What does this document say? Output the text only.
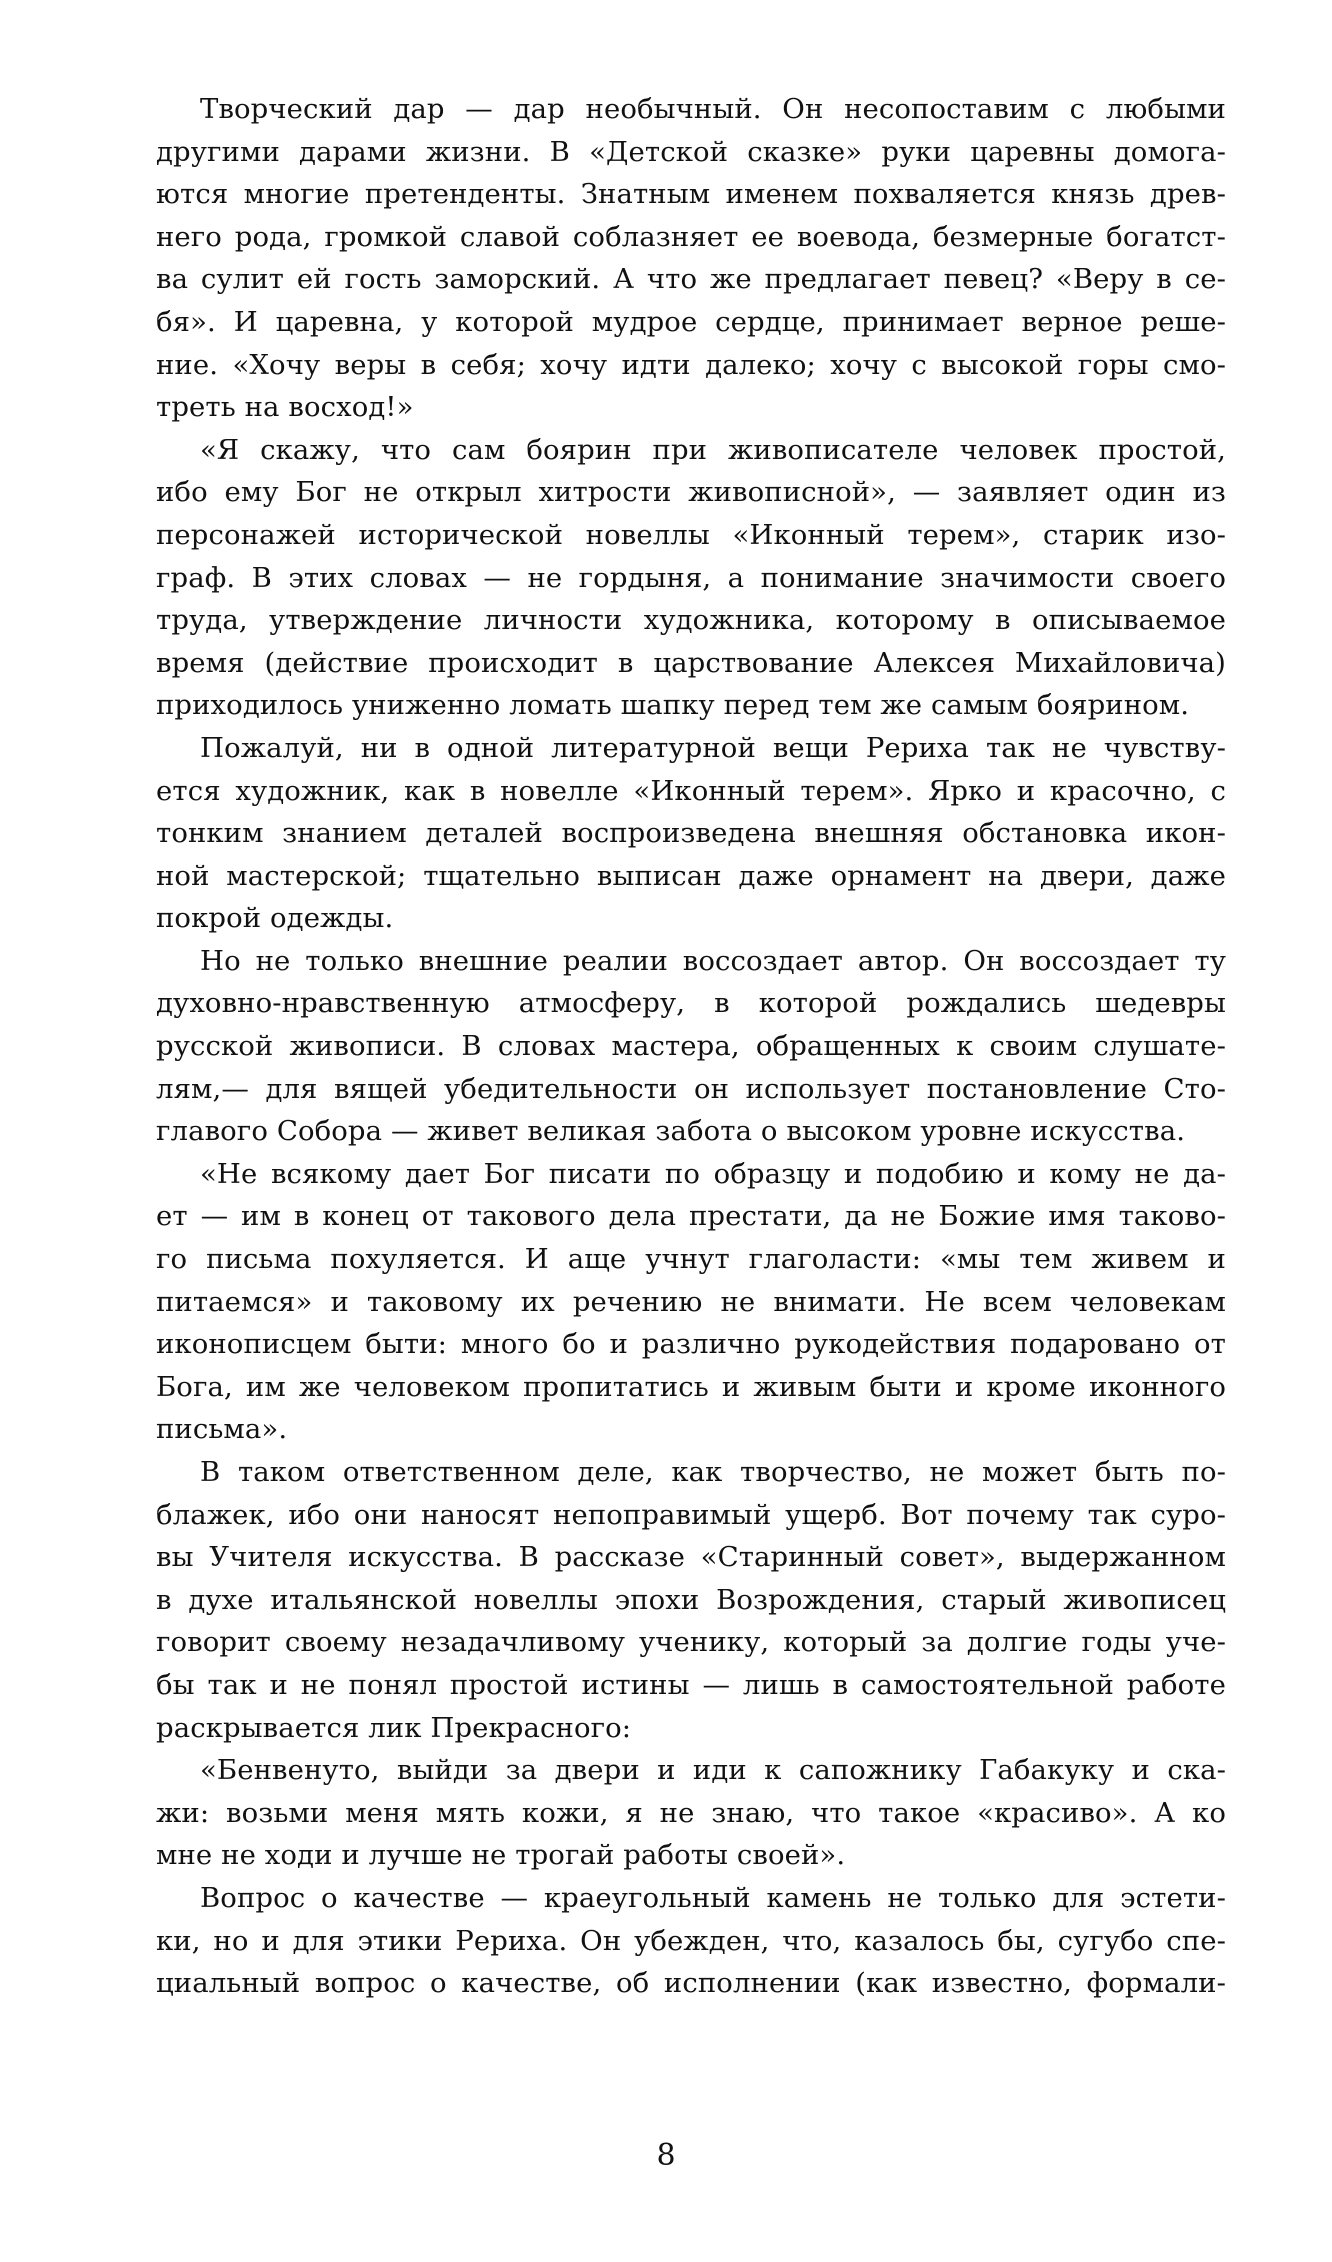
Творческий дар — дар необычный. Он несопоставим с любыми
другими дарами жизни. В «Детской сказке» руки царевны домога-
ются многие претенденты. Знатным именем похваляется князь древ-
него рода, громкой славой соблазняет ее воевода, безмерные богатст-
ва сулит ей гость заморский. А что же предлагает певец? «Веру в се-
бя». И царевна, у которой мудрое сердце, принимает верное реше-
ние. «Хочу веры в себя; хочу идти далеко; хочу с высокой горы смо-
треть на восход!»
«Я скажу, что сам боярин при живописателе человек простой,
ибо ему Бог не открыл хитрости живописной», — заявляет один из
персонажей исторической новеллы «Иконный терем», старик изо-
граф. В этих словах — не гордыня, а понимание значимости своего
труда, утверждение личности художника, которому в описываемое
время (действие происходит в царствование Алексея Михайловича)
приходилось униженно ломать шапку перед тем же самым боярином.
Пожалуй, ни в одной литературной вещи Рериха так не чувству-
ется художник, как в новелле «Иконный терем». Ярко и красочно, с
тонким знанием деталей воспроизведена внешняя обстановка икон-
ной мастерской; тщательно выписан даже орнамент на двери, даже
покрой одежды.
Но не только внешние реалии воссоздает автор. Он воссоздает ту
духовно-нравственную атмосферу, в которой рождались шедевры
русской живописи. В словах мастера, обращенных к своим слушате-
лям,— для вящей убедительности он использует постановление Сто-
главого Собора — живет великая забота о высоком уровне искусства.
«Не всякому дает Бог писати по образцу и подобию и кому не да-
ет — им в конец от такового дела престати, да не Божие имя таково-
го письма похуляется. И аще учнут глаголасти: «мы тем живем и
питаемся» и таковому их речению не внимати. Не всем человекам
иконописцем быти: много бо и различно рукодействия подаровано от
Бога, им же человеком пропитатись и живым быти и кроме иконного
письма».
В таком ответственном деле, как творчество, не может быть по-
блажек, ибо они наносят непоправимый ущерб. Вот почему так суро-
вы Учителя искусства. В рассказе «Старинный совет», выдержанном
в духе итальянской новеллы эпохи Возрождения, старый живописец
говорит своему незадачливому ученику, который за долгие годы уче-
бы так и не понял простой истины — лишь в самостоятельной работе
раскрывается лик Прекрасного:
«Бенвенуто, выйди за двери и иди к сапожнику Габакуку и ска-
жи: возьми меня мять кожи, я не знаю, что такое «красиво». А ко
мне не ходи и лучше не трогай работы своей».
Вопрос о качестве — краеугольный камень не только для эстети-
ки, но и для этики Рериха. Он убежден, что, казалось бы, сугубо спе-
циальный вопрос о качестве, об исполнении (как известно, формали-
8
